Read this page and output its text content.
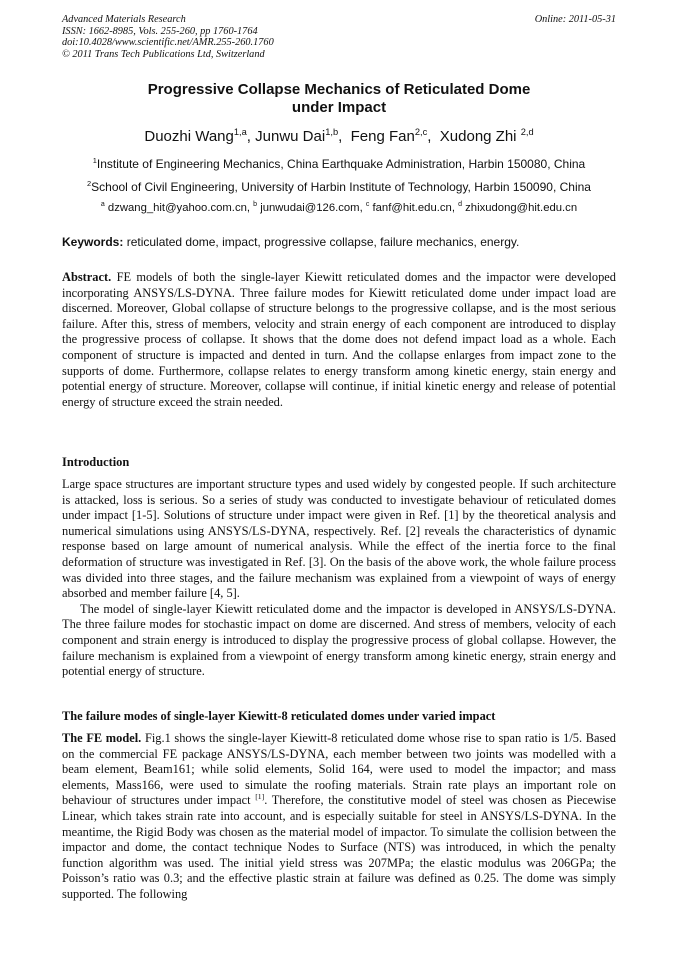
Advanced Materials Research
ISSN: 1662-8985, Vols. 255-260, pp 1760-1764
doi:10.4028/www.scientific.net/AMR.255-260.1760
© 2011 Trans Tech Publications Ltd, Switzerland
Online: 2011-05-31
Progressive Collapse Mechanics of Reticulated Dome
under Impact
Duozhi Wang$^{1,a}$, Junwu Dai$^{1,b}$,  Feng Fan$^{2,c}$,  Xudong Zhi $^{2,d}$
$^1$Institute of Engineering Mechanics, China Earthquake Administration, Harbin 150080, China
$^2$School of Civil Engineering, University of Harbin Institute of Technology, Harbin 150090, China
$^a$ dzwang_hit@yahoo.com.cn, $^b$ junwudai@126.com, $^c$ fanf@hit.edu.cn, $^d$ zhixudong@hit.edu.cn
Keywords: reticulated dome, impact, progressive collapse, failure mechanics, energy.

Abstract. FE models of both the single-layer Kiewitt reticulated domes and the impactor were developed incorporating ANSYS/LS-DYNA. Three failure modes for Kiewitt reticulated dome under impact load are discerned. Moreover, Global collapse of structure belongs to the progressive collapse, and is the most serious failure. After this, stress of members, velocity and strain energy of each component are introduced to display the progressive process of collapse. It shows that the dome does not defend impact load as a whole. Each component of structure is impacted and dented in turn. And the collapse enlarges from impact zone to the supports of dome. Furthermore, collapse relates to energy transform among kinetic energy, stain energy and potential energy of structure. Moreover, collapse will continue, if initial kinetic energy and release of potential energy of structure exceed the strain needed.

Introduction

Large space structures are important structure types and used widely by congested people. If such architecture is attacked, loss is serious. So a series of study was conducted to investigate behaviour of reticulated domes under impact [1-5]. Solutions of structure under impact were given in Ref. [1] by the theoretical analysis and numerical simulations using ANSYS/LS-DYNA, respectively. Ref. [2] reveals the characteristics of dynamic response based on large amount of numerical analysis. While the effect of the inertia force to the final deformation of structure was investigated in Ref. [3]. On the basis of the above work, the whole failure process was divided into three stages, and the failure mechanism was explained from a viewpoint of ways of energy absorbed and member failure [4, 5].

The model of single-layer Kiewitt reticulated dome and the impactor is developed in ANSYS/LS-DYNA. The three failure modes for stochastic impact on dome are discerned. And stress of members, velocity of each component and strain energy is introduced to display the progressive process of global collapse. However, the failure mechanism is explained from a viewpoint of energy transform among kinetic energy, strain energy and potential energy of structure.

The failure modes of single-layer Kiewitt-8 reticulated domes under varied impact

The FE model. Fig.1 shows the single-layer Kiewitt-8 reticulated dome whose rise to span ratio is 1/5. Based on the commercial FE package ANSYS/LS-DYNA, each member between two joints was modelled with a beam element, Beam161; while solid elements, Solid 164, were used to model the impactor; and mass elements, Mass166, were used to simulate the roofing materials. Strain rate plays an important role on behaviour of structures under impact [1]. Therefore, the constitutive model of steel was chosen as Piecewise Linear, which takes strain rate into account, and is especially suitable for steel in ANSYS/LS-DYNA. In the meantime, the Rigid Body was chosen as the material model of impactor. To simulate the collision between the impactor and dome, the contact technique Nodes to Surface (NTS) was introduced, in which the penalty function algorithm was used. The initial yield stress was 207MPa; the elastic modulus was 206GPa; the Poisson’s ratio was 0.3; and the effective plastic strain at failure was defined as 0.25. The dome was simply supported. The following
